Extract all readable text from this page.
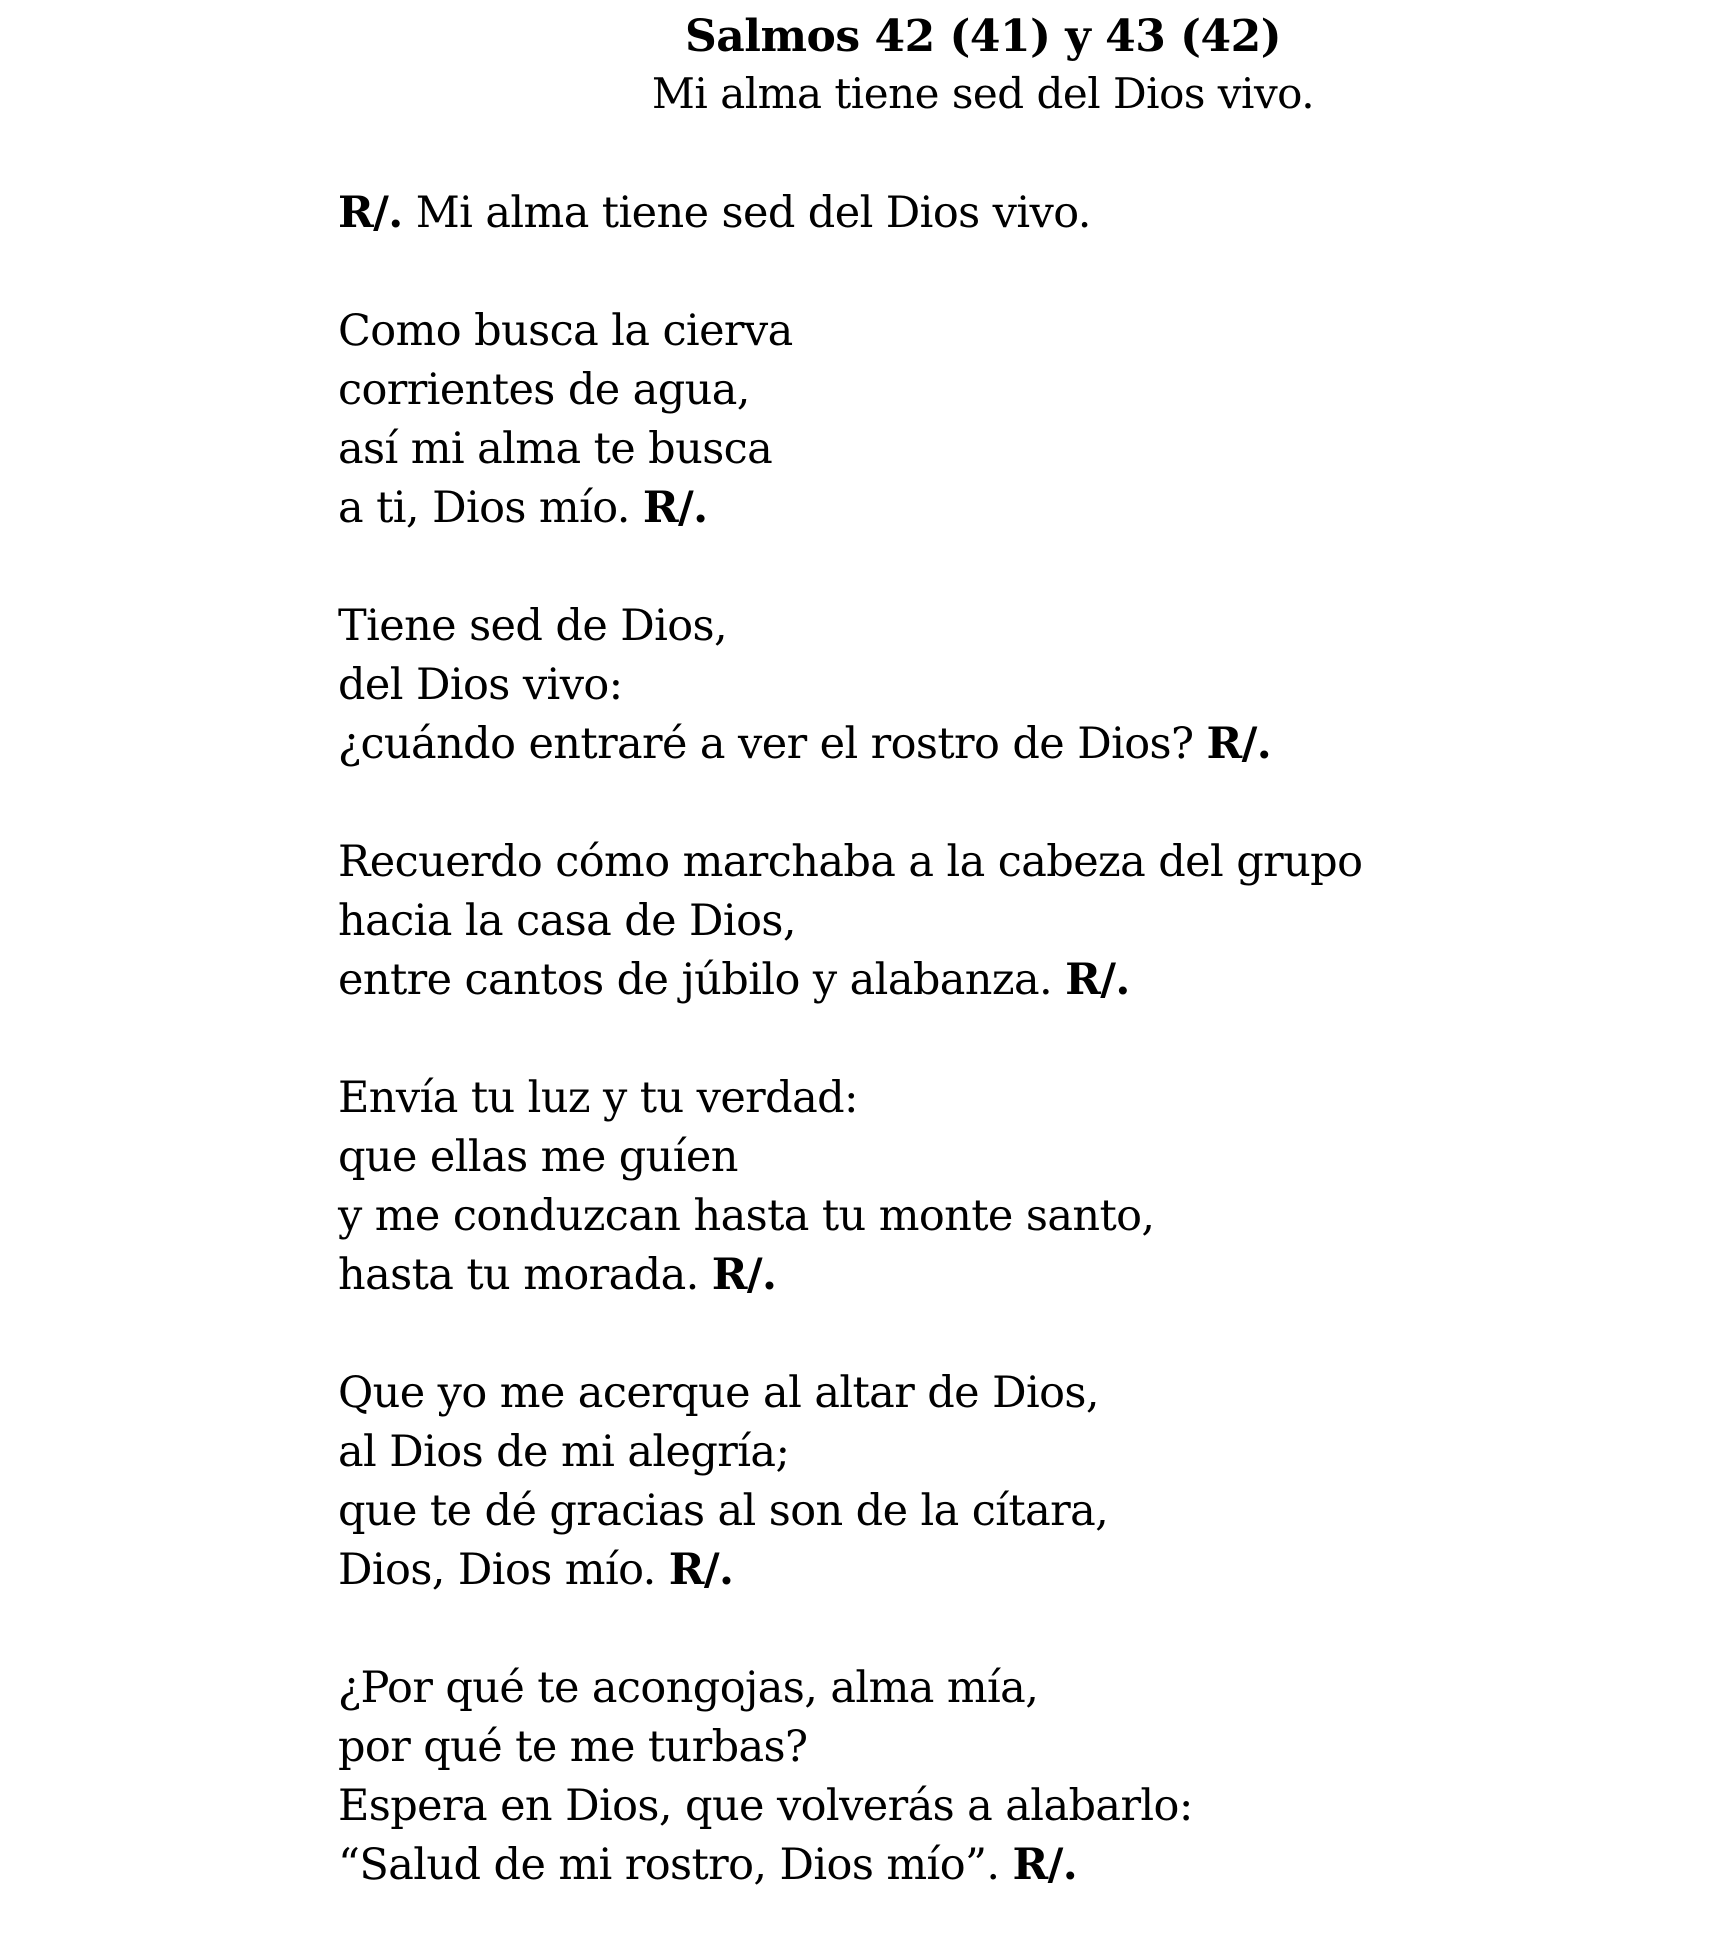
Salmos 42 (41) y 43 (42)

Mi alma tiene sed del Dios vivo.

R/. Mi alma tiene sed del Dios vivo.

Como busca la cierva
corrientes de agua,
así mi alma te busca
a ti, Dios mío. R/.

Tiene sed de Dios,
del Dios vivo:
¿cuándo entraré a ver el rostro de Dios? R/.

Recuerdo cómo marchaba a la cabeza del grupo
hacia la casa de Dios,
entre cantos de júbilo y alabanza. R/.

Envía tu luz y tu verdad:
que ellas me guíen
y me conduzcan hasta tu monte santo,
hasta tu morada. R/.

Que yo me acerque al altar de Dios,
al Dios de mi alegría;
que te dé gracias al son de la cítara,
Dios, Dios mío. R/.

¿Por qué te acongojas, alma mía,
por qué te me turbas?
Espera en Dios, que volverás a alabarlo:
“Salud de mi rostro, Dios mío”. R/.
